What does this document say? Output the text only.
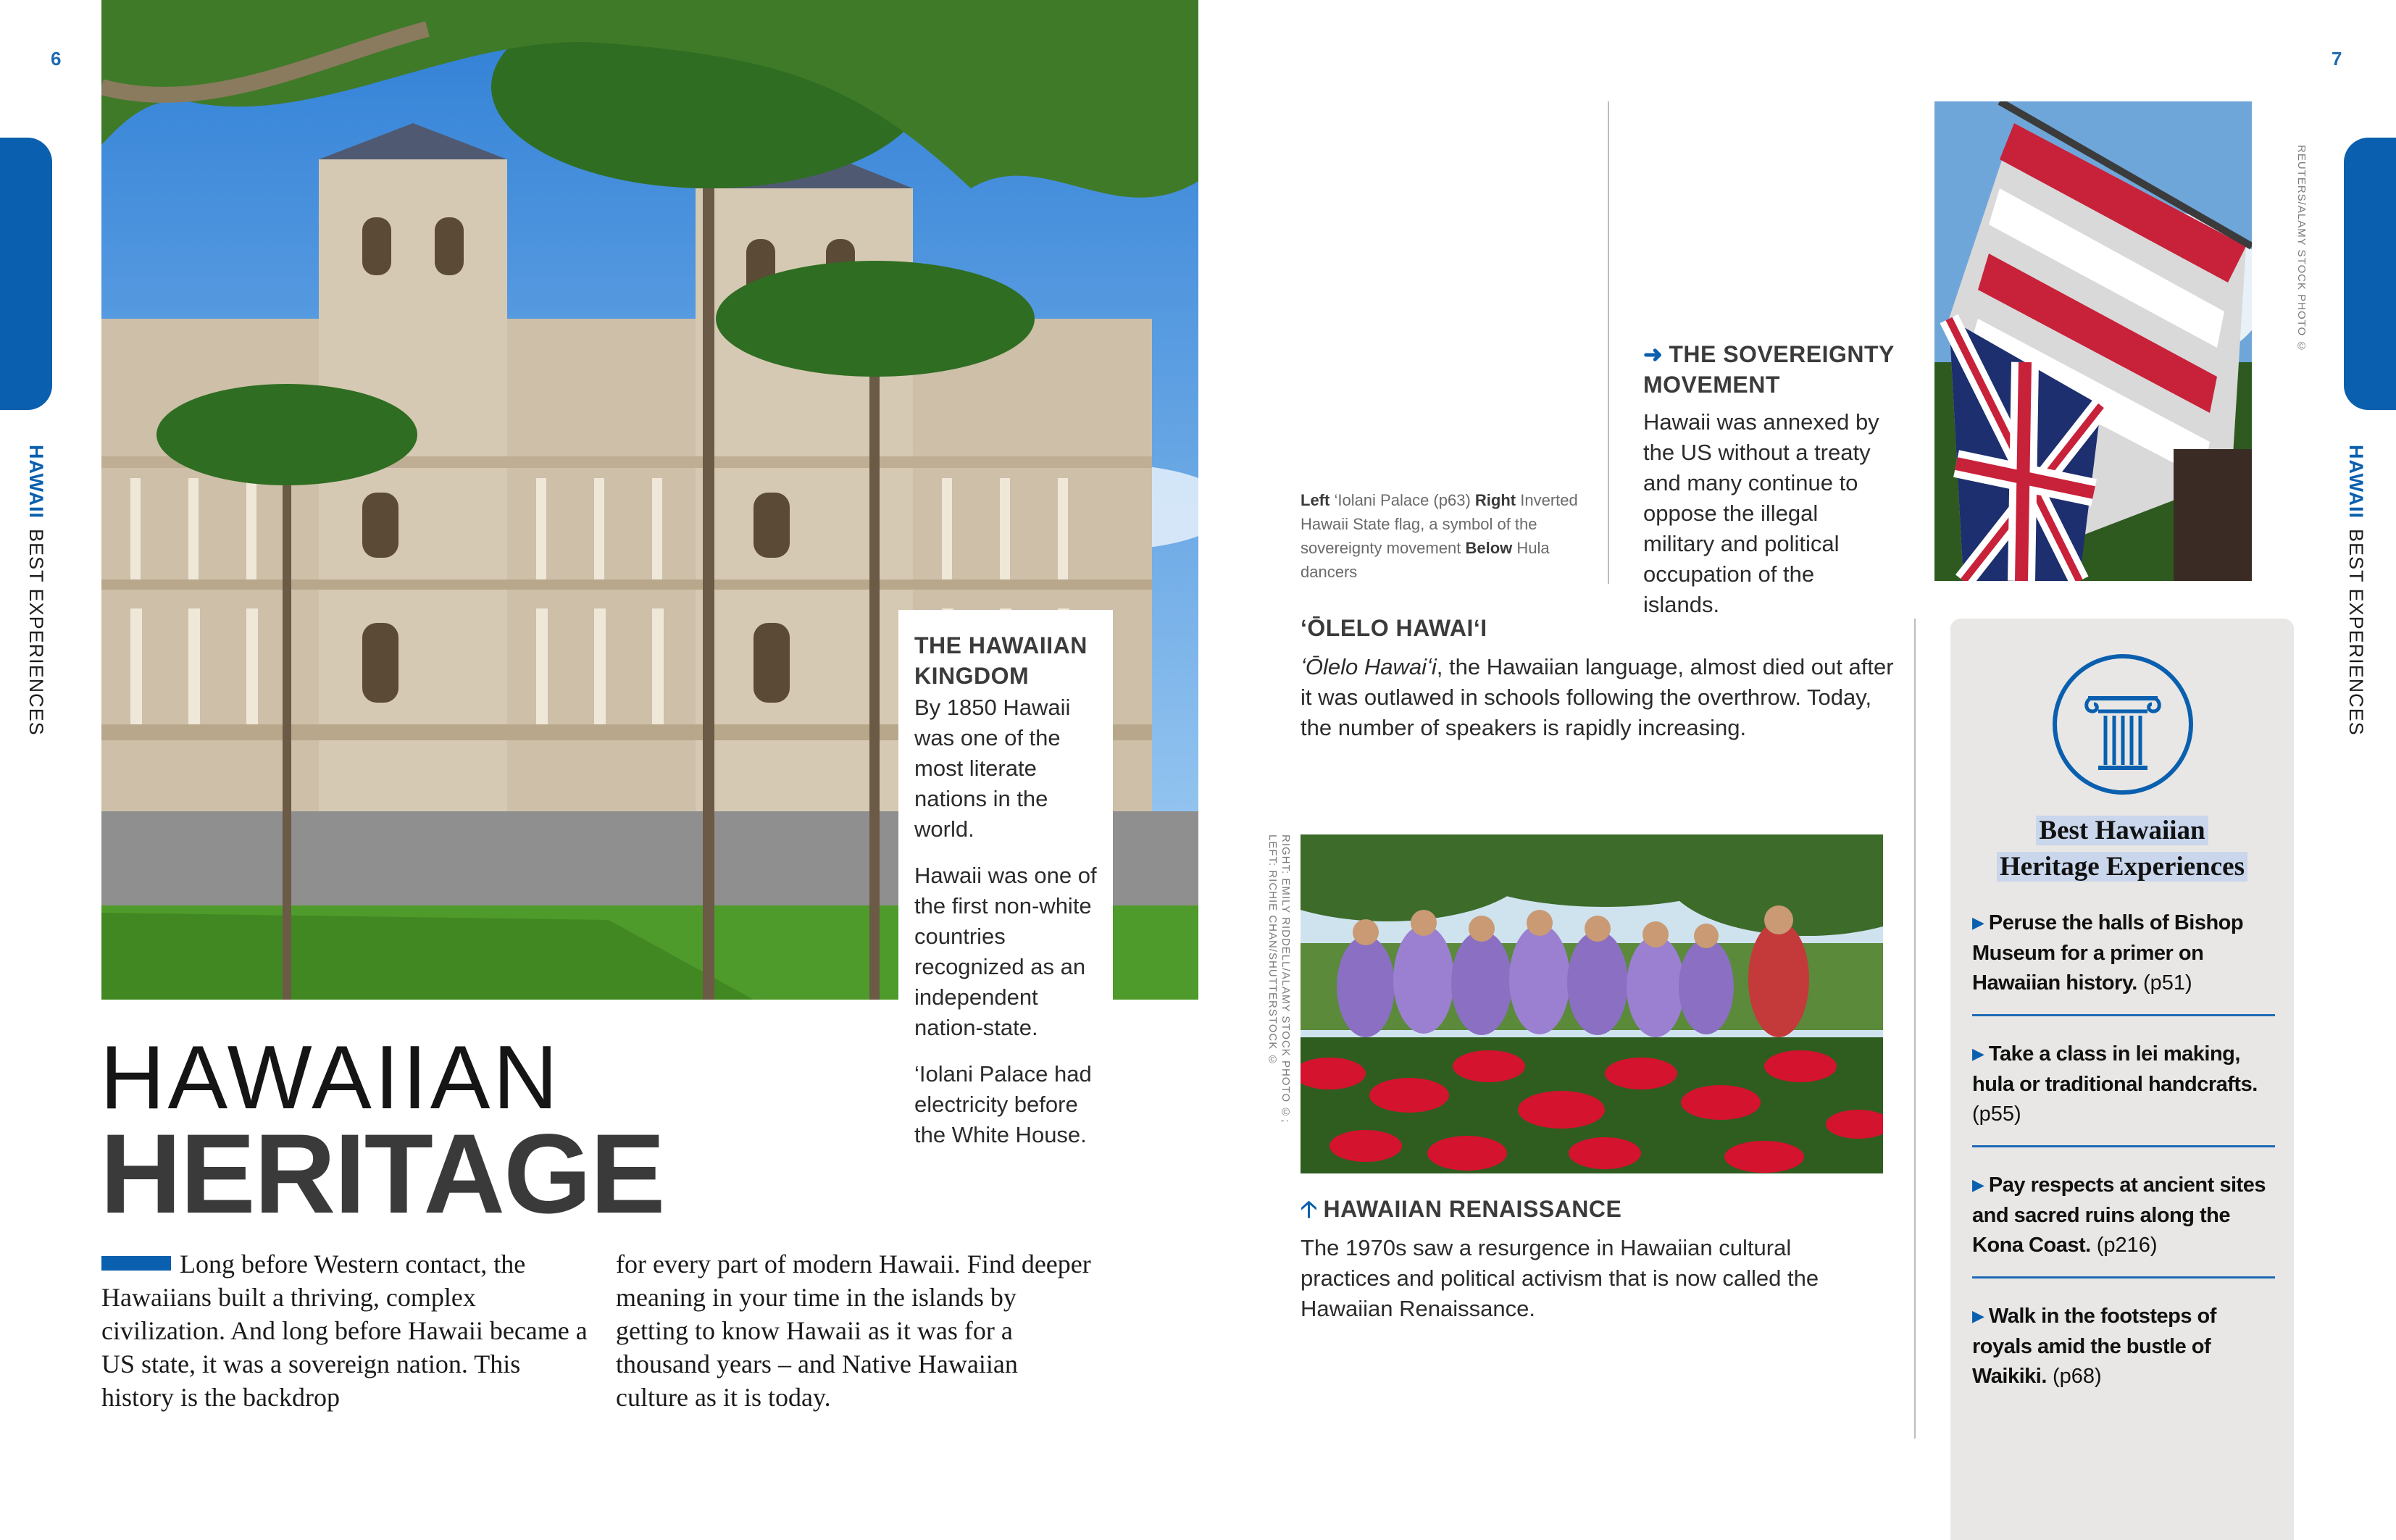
6
HAWAIIBEST EXPERIENCES	THE HAWAIIAN KINGDOM

By 1850 Hawaii was one of the most literate nations in the world.

Hawaii was one of the first non-white countries recognized as an independent nation-state.

‘Iolani Palace had electricity before the White House.

HAWAIIAN
HERITAGE
Long before Western contact, the Hawaiians built a thriving, complex civilization. And long before Hawaii became a US state, it was a sovereign nation. This history is the backdrop
for every part of modern Hawaii. Find deeper meaning in your time in the islands by getting to know Hawaii as it was for a thousand years – and Native Hawaiian culture as it is today.
7
HAWAIIBEST EXPERIENCES
Left ‘Iolani Palace (p63) Right Inverted Hawaii State flag, a symbol of the sovereignty movement Below Hula dancers
➜ THE SOVEREIGNTY MOVEMENT
Hawaii was annexed by the US without a treaty and many continue to oppose the illegal military and political occupation of the islands.
REUTERS/ALAMY STOCK PHOTO ©
ʻŌLELO HAWAIʻI
ʻŌlelo Hawaiʻi, the Hawaiian language, almost died out after it was outlawed in schools following the overthrow. Today, the number of speakers is rapidly increasing.
RIGHT: EMILY RIDDELL/ALAMY STOCK PHOTO ©;
LEFT: RICHIE CHAN/SHUTTERSTOCK ©
🡡 HAWAIIAN RENAISSANCE
The 1970s saw a resurgence in Hawaiian cultural practices and political activism that is now called the Hawaiian Renaissance.
Best Hawaiian
Heritage Experiences
▶ Peruse the halls of Bishop Museum for a primer on Hawaiian history. (p51)
▶ Take a class in lei making, hula or traditional handcrafts. (p55)
▶ Pay respects at ancient sites and sacred ruins along the Kona Coast. (p216)
▶ Walk in the footsteps of royals amid the bustle of Waikiki. (p68)
